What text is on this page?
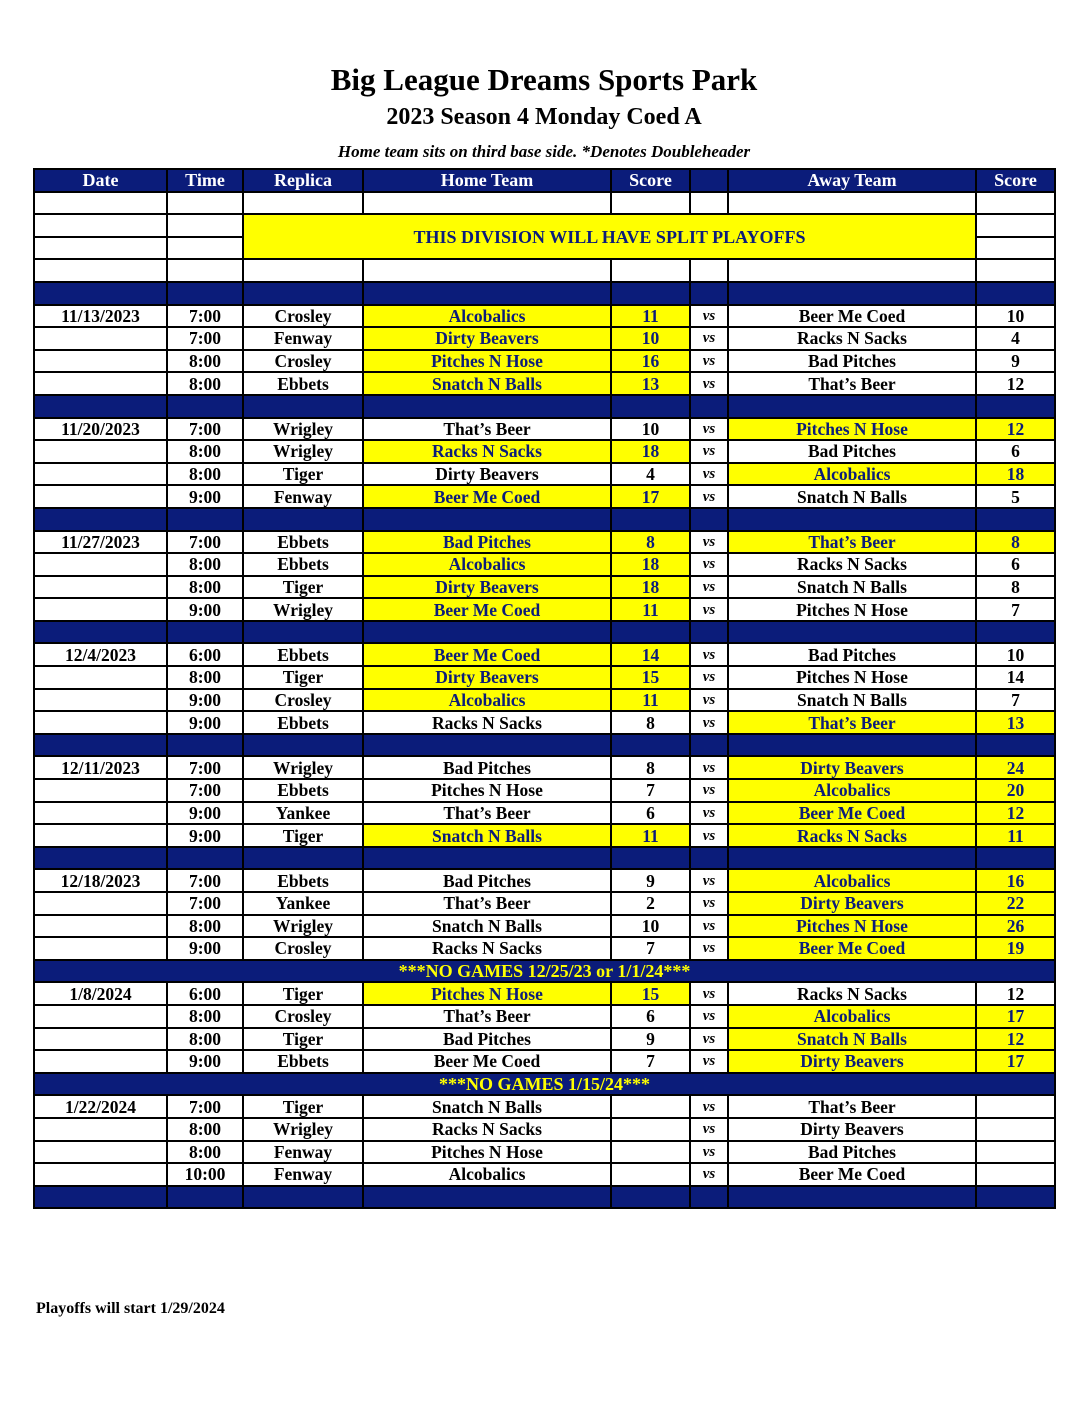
Big League Dreams Sports Park
2023 Season 4 Monday Coed A
Home team sits on third base side. *Denotes Doubleheader
Date	Time	Replica	Home Team	Score		Away Team	Score

		THIS DIVISION WILL HAVE SPLIT PLAYOFFS					

11/13/2023	7:00	Crosley	Alcobalics	11	vs	Beer Me Coed	10
	7:00	Fenway	Dirty Beavers	10	vs	Racks N Sacks	4
	8:00	Crosley	Pitches N Hose	16	vs	Bad Pitches	9
	8:00	Ebbets	Snatch N Balls	13	vs	That’s Beer	12

11/20/2023	7:00	Wrigley	That’s Beer	10	vs	Pitches N Hose	12
	8:00	Wrigley	Racks N Sacks	18	vs	Bad Pitches	6
	8:00	Tiger	Dirty Beavers	4	vs	Alcobalics	18
	9:00	Fenway	Beer Me Coed	17	vs	Snatch N Balls	5

11/27/2023	7:00	Ebbets	Bad Pitches	8	vs	That’s Beer	8
	8:00	Ebbets	Alcobalics	18	vs	Racks N Sacks	6
	8:00	Tiger	Dirty Beavers	18	vs	Snatch N Balls	8
	9:00	Wrigley	Beer Me Coed	11	vs	Pitches N Hose	7

12/4/2023	6:00	Ebbets	Beer Me Coed	14	vs	Bad Pitches	10
	8:00	Tiger	Dirty Beavers	15	vs	Pitches N Hose	14
	9:00	Crosley	Alcobalics	11	vs	Snatch N Balls	7
	9:00	Ebbets	Racks N Sacks	8	vs	That’s Beer	13

12/11/2023	7:00	Wrigley	Bad Pitches	8	vs	Dirty Beavers	24
	7:00	Ebbets	Pitches N Hose	7	vs	Alcobalics	20
	9:00	Yankee	That’s Beer	6	vs	Beer Me Coed	12
	9:00	Tiger	Snatch N Balls	11	vs	Racks N Sacks	11

12/18/2023	7:00	Ebbets	Bad Pitches	9	vs	Alcobalics	16
	7:00	Yankee	That’s Beer	2	vs	Dirty Beavers	22
	8:00	Wrigley	Snatch N Balls	10	vs	Pitches N Hose	26
	9:00	Crosley	Racks N Sacks	7	vs	Beer Me Coed	19
***NO GAMES 12/25/23 or 1/1/24***							
1/8/2024	6:00	Tiger	Pitches N Hose	15	vs	Racks N Sacks	12
	8:00	Crosley	That’s Beer	6	vs	Alcobalics	17
	8:00	Tiger	Bad Pitches	9	vs	Snatch N Balls	12
	9:00	Ebbets	Beer Me Coed	7	vs	Dirty Beavers	17
***NO GAMES 1/15/24***							
1/22/2024	7:00	Tiger	Snatch N Balls		vs	That’s Beer	
	8:00	Wrigley	Racks N Sacks		vs	Dirty Beavers	
	8:00	Fenway	Pitches N Hose		vs	Bad Pitches	
	10:00	Fenway	Alcobalics		vs	Beer Me Coed	

Playoffs will start 1/29/2024
